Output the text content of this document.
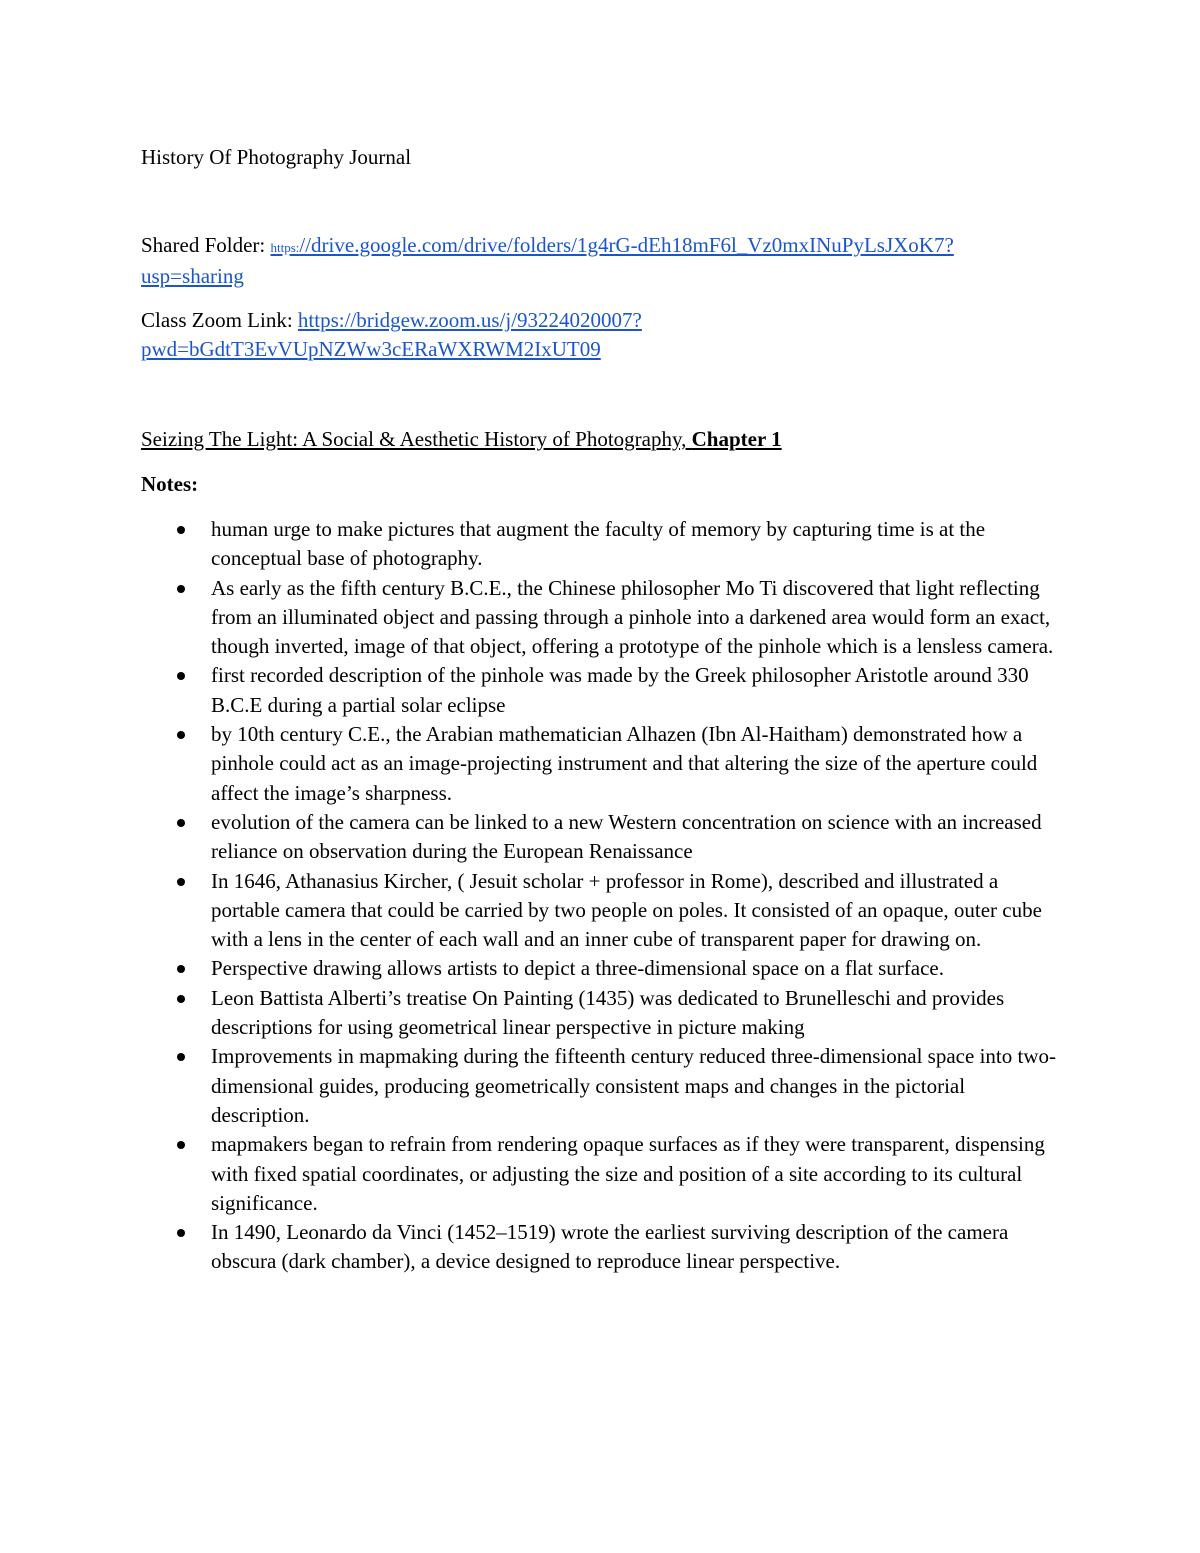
History Of Photography Journal
Shared Folder: https://drive.google.com/drive/folders/1g4rG-dEh18mF6l_Vz0mxINuPyLsJXoK7?
usp=sharing
Class Zoom Link: https://bridgew.zoom.us/j/93224020007?
pwd=bGdtT3EvVUpNZWw3cERaWXRWM2IxUT09
Seizing The Light: A Social & Aesthetic History of Photography, Chapter 1
Notes:
human urge to make pictures that augment the faculty of memory by capturing time is at the conceptual base of photography.
As early as the fifth century B.C.E., the Chinese philosopher Mo Ti discovered that light reflecting from an illuminated object and passing through a pinhole into a darkened area would form an exact, though inverted, image of that object, offering a prototype of the pinhole which is a lensless camera.
first recorded description of the pinhole was made by the Greek philosopher Aristotle around 330 B.C.E during a partial solar eclipse
by 10th century C.E., the Arabian mathematician Alhazen (Ibn Al-Haitham) demonstrated how a pinhole could act as an image-projecting instrument and that altering the size of the aperture could affect the image’s sharpness.
evolution of the camera can be linked to a new Western concentration on science with an increased reliance on observation during the European Renaissance
In 1646, Athanasius Kircher, ( Jesuit scholar + professor in Rome), described and illustrated a portable camera that could be carried by two people on poles. It consisted of an opaque, outer cube with a lens in the center of each wall and an inner cube of transparent paper for drawing on.
Perspective drawing allows artists to depict a three-dimensional space on a flat surface.
Leon Battista Alberti’s treatise On Painting (1435) was dedicated to Brunelleschi and provides descriptions for using geometrical linear perspective in picture making
Improvements in mapmaking during the fifteenth century reduced three-dimensional space into two-dimensional guides, producing geometrically consistent maps and changes in the pictorial description.
mapmakers began to refrain from rendering opaque surfaces as if they were transparent, dispensing with fixed spatial coordinates, or adjusting the size and position of a site according to its cultural significance.
In 1490, Leonardo da Vinci (1452–1519) wrote the earliest surviving description of the camera obscura (dark chamber), a device designed to reproduce linear perspective.
